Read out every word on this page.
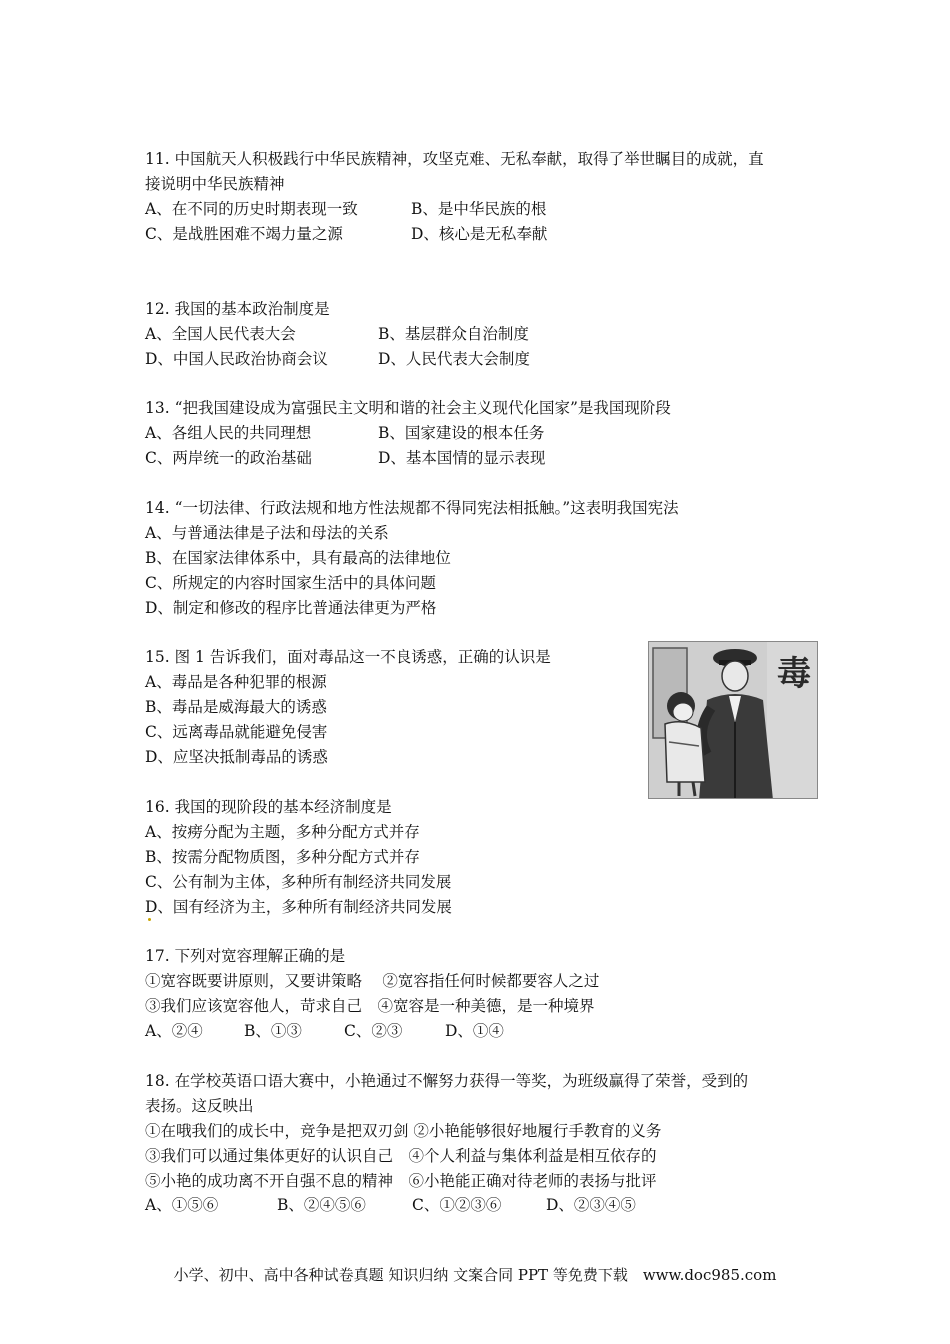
11. 中国航天人积极践行中华民族精神，攻坚克难、无私奉献，取得了举世瞩目的成就，直
接说明中华民族精神
A、在不同的历史时期表现一致	B、是中华民族的根
C、是战胜困难不竭力量之源	D、核心是无私奉献
12. 我国的基本政治制度是
A、全国人民代表大会	B、基层群众自治制度
D、中国人民政治协商会议	D、人民代表大会制度
13. “把我国建设成为富强民主文明和谐的社会主义现代化国家”是我国现阶段
A、各组人民的共同理想	B、国家建设的根本任务
C、两岸统一的政治基础	D、基本国情的显示表现
14. “一切法律、行政法规和地方性法规都不得同宪法相抵触。”这表明我国宪法
A、与普通法律是子法和母法的关系
B、在国家法律体系中，具有最高的法律地位
C、所规定的内容时国家生活中的具体问题
D、制定和修改的程序比普通法律更为严格
15. 图 1 告诉我们，面对毒品这一不良诱惑，正确的认识是
A、毒品是各种犯罪的根源
B、毒品是威海最大的诱惑
C、远离毒品就能避免侵害
D、应坚决抵制毒品的诱惑
毒
16. 我国的现阶段的基本经济制度是
A、按痨分配为主题，多种分配方式并存
B、按需分配物质图，多种分配方式并存
C、公有制为主体，多种所有制经济共同发展
D、国有经济为主，多种所有制经济共同发展
17. 下列对宽容理解正确的是
①宽容既要讲原则，又要讲策略　 ②宽容指任何时候都要容人之过
③我们应该宽容他人，苛求自己　④宽容是一种美德，是一种境界
A、②④	B、①③	C、②③	D、①④
18. 在学校英语口语大赛中，小艳通过不懈努力获得一等奖，为班级赢得了荣誉，受到的
表扬。这反映出
①在哦我们的成长中，竞争是把双刃剑 ②小艳能够很好地履行手教育的义务
③我们可以通过集体更好的认识自己　④个人利益与集体利益是相互依存的
⑤小艳的成功离不开自强不息的精神　⑥小艳能正确对待老师的表扬与批评
A、①⑤⑥	B、②④⑤⑥	C、①②③⑥	D、②③④⑤
小学、初中、高中各种试卷真题 知识归纳 文案合同 PPT 等免费下载　www.doc985.com
